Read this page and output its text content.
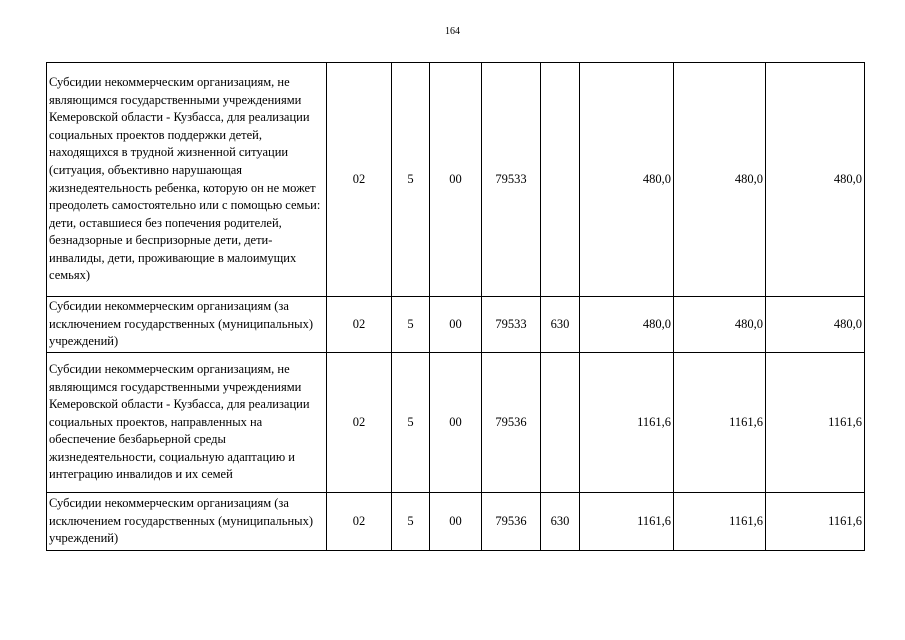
164
Субсидии некоммерческим организациям, не являющимся государственными учреждениями Кемеровской области - Кузбасса, для реализации социальных проектов поддержки детей, находящихся в трудной жизненной ситуации (ситуация, объективно нарушающая жизнедеятельность ребенка, которую он не может преодолеть самостоятельно или с помощью семьи: дети, оставшиеся без попечения родителей, безнадзорные и беспризорные дети, дети-инвалиды, дети, проживающие в малоимущих семьях)	02	5	00	79533		480,0	480,0	480,0
Субсидии некоммерческим организациям (за исключением государственных (муниципальных) учреждений)	02	5	00	79533	630	480,0	480,0	480,0
Субсидии некоммерческим организациям, не являющимся государственными учреждениями Кемеровской области - Кузбасса, для реализации социальных проектов, направленных на обеспечение безбарьерной среды жизнедеятельности, социальную адаптацию и интеграцию инвалидов и их семей	02	5	00	79536		1161,6	1161,6	1161,6
Субсидии некоммерческим организациям (за исключением государственных (муниципальных) учреждений)	02	5	00	79536	630	1161,6	1161,6	1161,6
